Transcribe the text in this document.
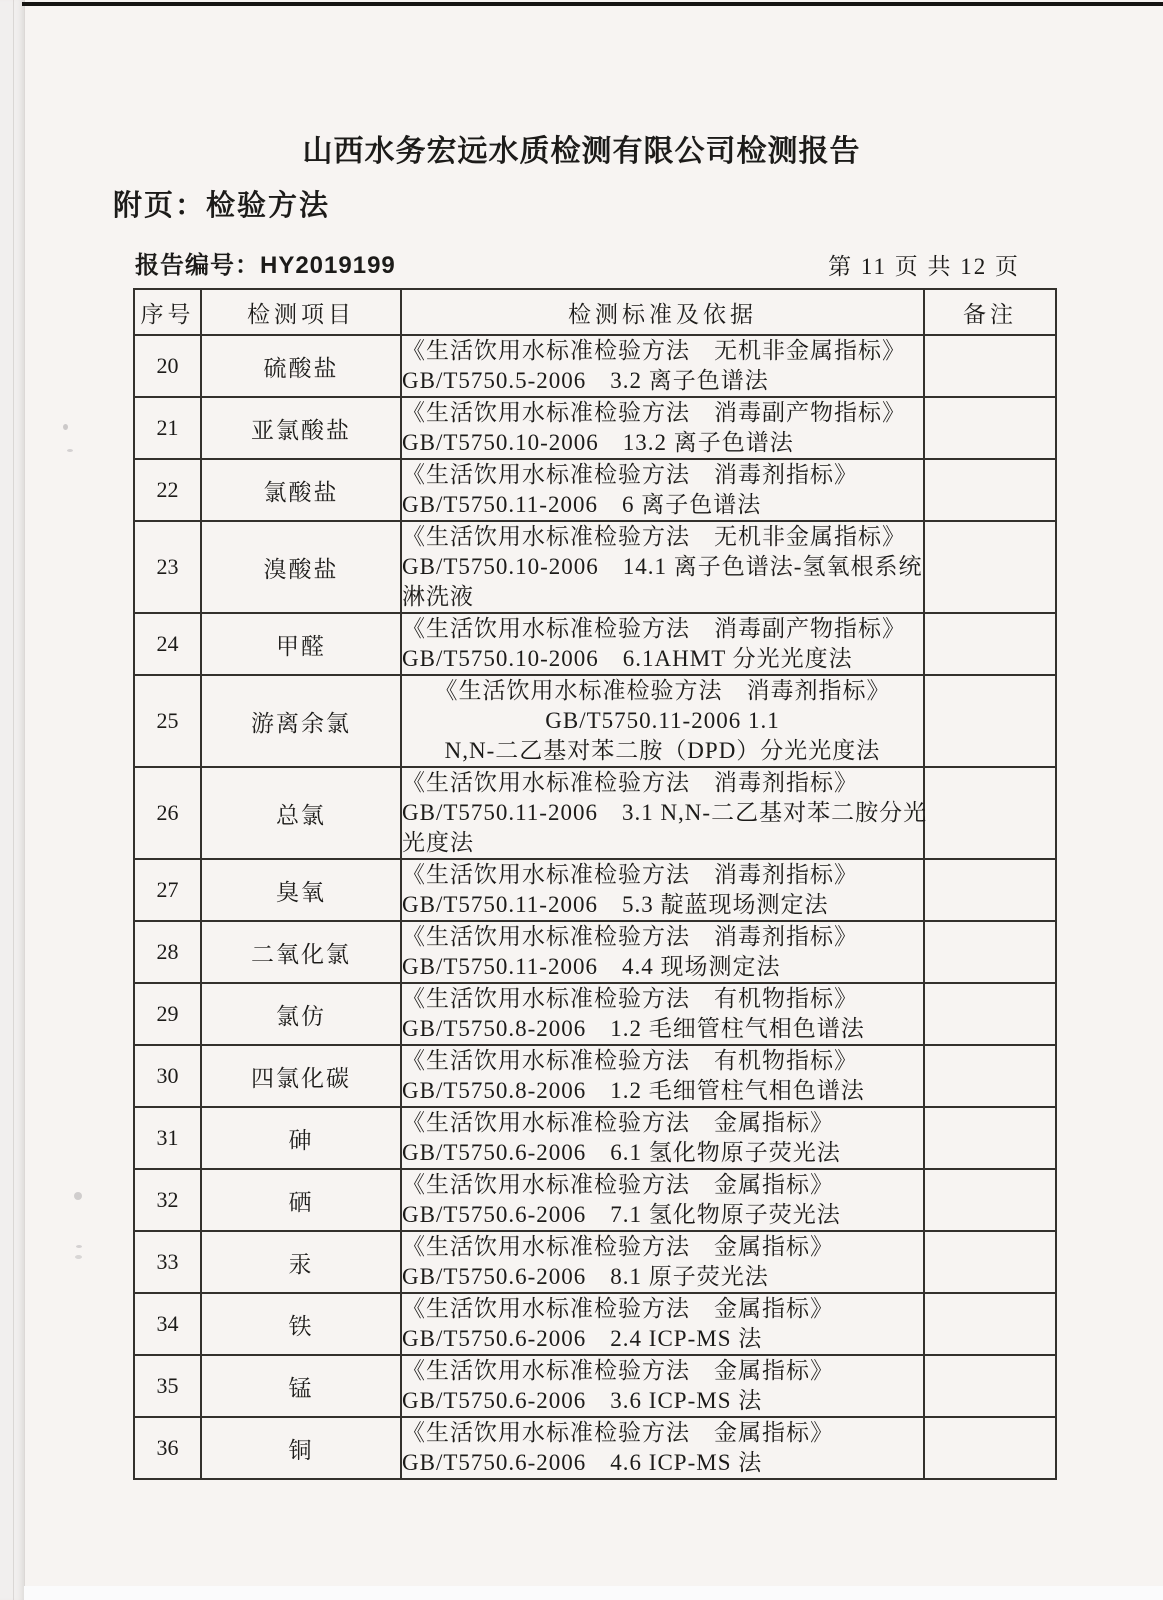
山西水务宏远水质检测有限公司检测报告
附页：检验方法
报告编号：HY2019199	第 11 页 共 12 页
序号	检测项目	检测标准及依据	备注
20	硫酸盐	《生活饮用水标准检验方法　无机非金属指标》
GB/T5750.5-2006　3.2 离子色谱法	

21	亚氯酸盐	《生活饮用水标准检验方法　消毒副产物指标》
GB/T5750.10-2006　13.2 离子色谱法	

22	氯酸盐	《生活饮用水标准检验方法　消毒剂指标》
GB/T5750.11-2006　6 离子色谱法	

23	溴酸盐	《生活饮用水标准检验方法　无机非金属指标》
GB/T5750.10-2006　14.1 离子色谱法-氢氧根系统
淋洗液	

24	甲醛	《生活饮用水标准检验方法　消毒副产物指标》
GB/T5750.10-2006　6.1AHMT 分光光度法	

25	游离余氯	《生活饮用水标准检验方法　消毒剂指标》
GB/T5750.11-2006 1.1
N,N-二乙基对苯二胺（DPD）分光光度法	

26	总氯	《生活饮用水标准检验方法　消毒剂指标》
GB/T5750.11-2006　3.1 N,N-二乙基对苯二胺分光
光度法	

27	臭氧	《生活饮用水标准检验方法　消毒剂指标》
GB/T5750.11-2006　5.3 靛蓝现场测定法	

28	二氧化氯	《生活饮用水标准检验方法　消毒剂指标》
GB/T5750.11-2006　4.4 现场测定法	

29	氯仿	《生活饮用水标准检验方法　有机物指标》
GB/T5750.8-2006　1.2 毛细管柱气相色谱法	

30	四氯化碳	《生活饮用水标准检验方法　有机物指标》
GB/T5750.8-2006　1.2 毛细管柱气相色谱法	

31	砷	《生活饮用水标准检验方法　金属指标》
GB/T5750.6-2006　6.1 氢化物原子荧光法	

32	硒	《生活饮用水标准检验方法　金属指标》
GB/T5750.6-2006　7.1 氢化物原子荧光法	

33	汞	《生活饮用水标准检验方法　金属指标》
GB/T5750.6-2006　8.1 原子荧光法	

34	铁	《生活饮用水标准检验方法　金属指标》
GB/T5750.6-2006　2.4 ICP-MS 法	

35	锰	《生活饮用水标准检验方法　金属指标》
GB/T5750.6-2006　3.6 ICP-MS 法	

36	铜	《生活饮用水标准检验方法　金属指标》
GB/T5750.6-2006　4.6 ICP-MS 法	
